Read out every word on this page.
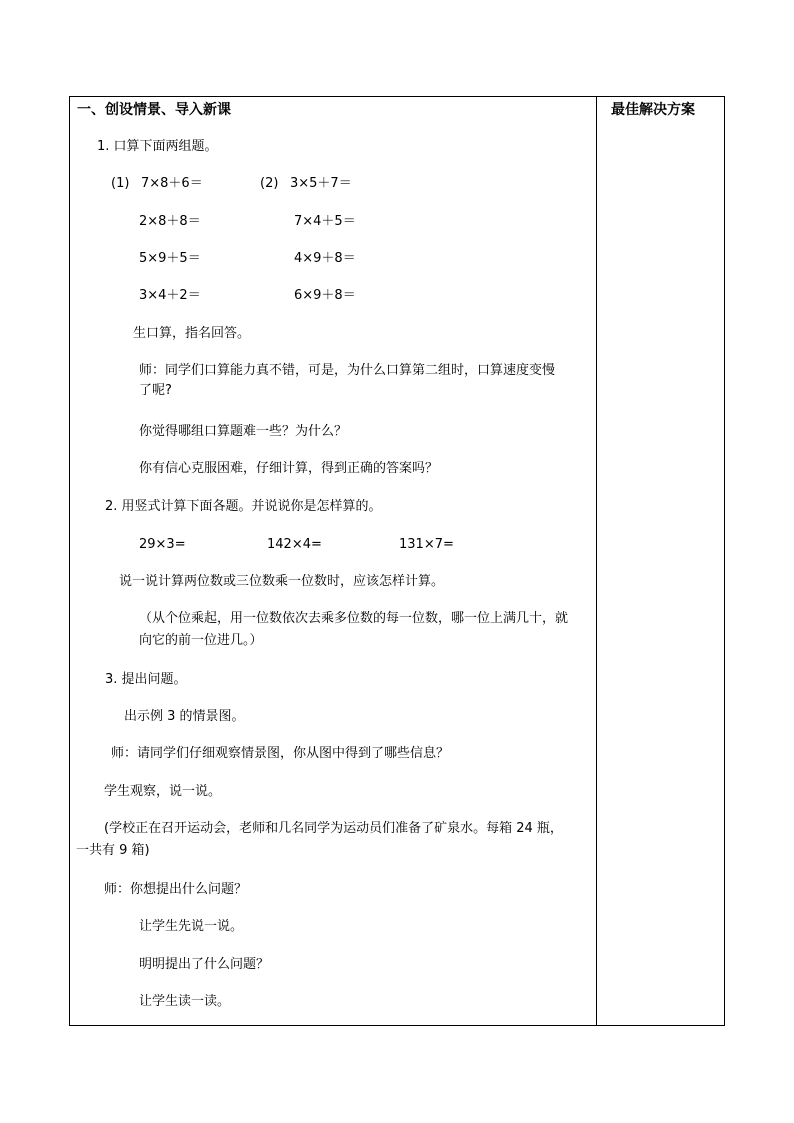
一、创设情景、导入新课	最佳解决方案
1. 口算下面两组题。
(1) 7×8＋6＝	(2) 3×5＋7＝
2×8＋8＝	7×4＋5＝
5×9＋5＝	4×9＋8＝
3×4＋2＝	6×9＋8＝
生口算，指名回答。
师：同学们口算能力真不错，可是，为什么口算第二组时，口算速度变慢
了呢?
你觉得哪组口算题难一些？为什么？
你有信心克服困难，仔细计算，得到正确的答案吗？
2. 用竖式计算下面各题。并说说你是怎样算的。
29×3=	142×4=	131×7=
说一说计算两位数或三位数乘一位数时，应该怎样计算。
（从个位乘起，用一位数依次去乘多位数的每一位数，哪一位上满几十，就
向它的前一位进几。）
3. 提出问题。
出示例 3 的情景图。
师：请同学们仔细观察情景图，你从图中得到了哪些信息？
学生观察，说一说。
(学校正在召开运动会，老师和几名同学为运动员们准备了矿泉水。每箱 24 瓶，
一共有 9 箱)
师：你想提出什么问题？
让学生先说一说。
明明提出了什么问题？
让学生读一读。
